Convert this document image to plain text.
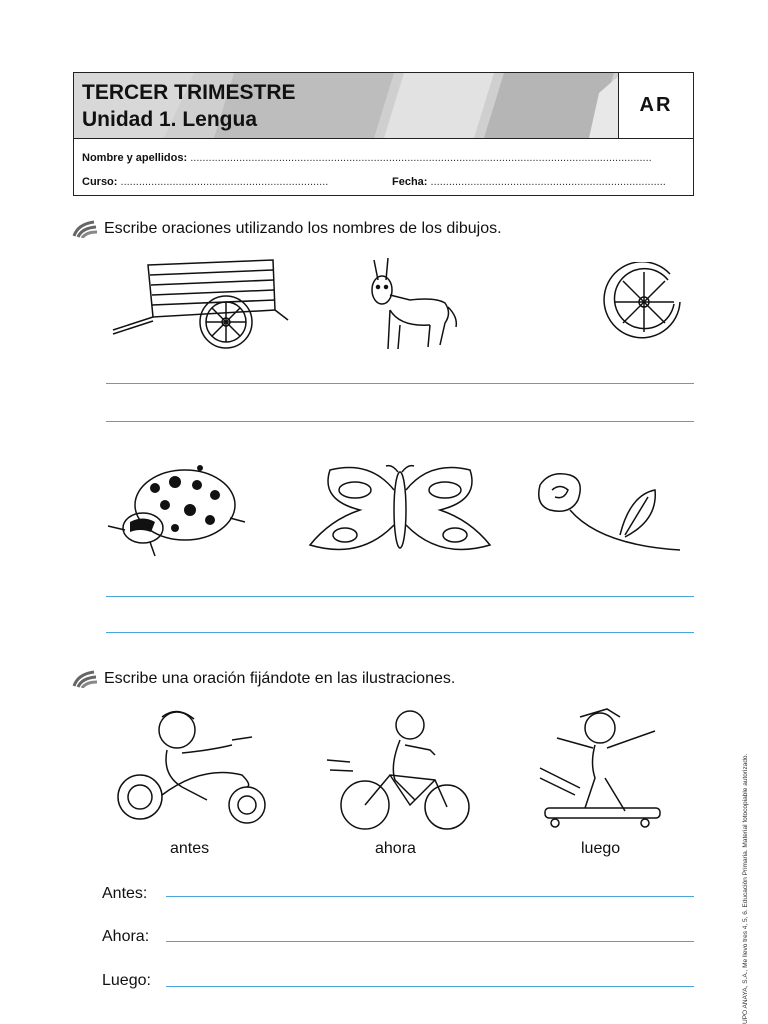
TERCER TRIMESTRE
Unidad 1. Lengua
AR
Nombre y apellidos: .......................................................................................................................................................
Curso: ....................................................................	Fecha: .............................................................................
Escribe oraciones utilizando los nombres de los dibujos.
Escribe una oración fijándote en las ilustraciones.
antes	ahora	luego
Antes:
Ahora:
Luego:	UPO ANAYA, S.A., Me llevo tres 4, 5, 6. Educación Primaria. Material fotocopiable autorizado.
